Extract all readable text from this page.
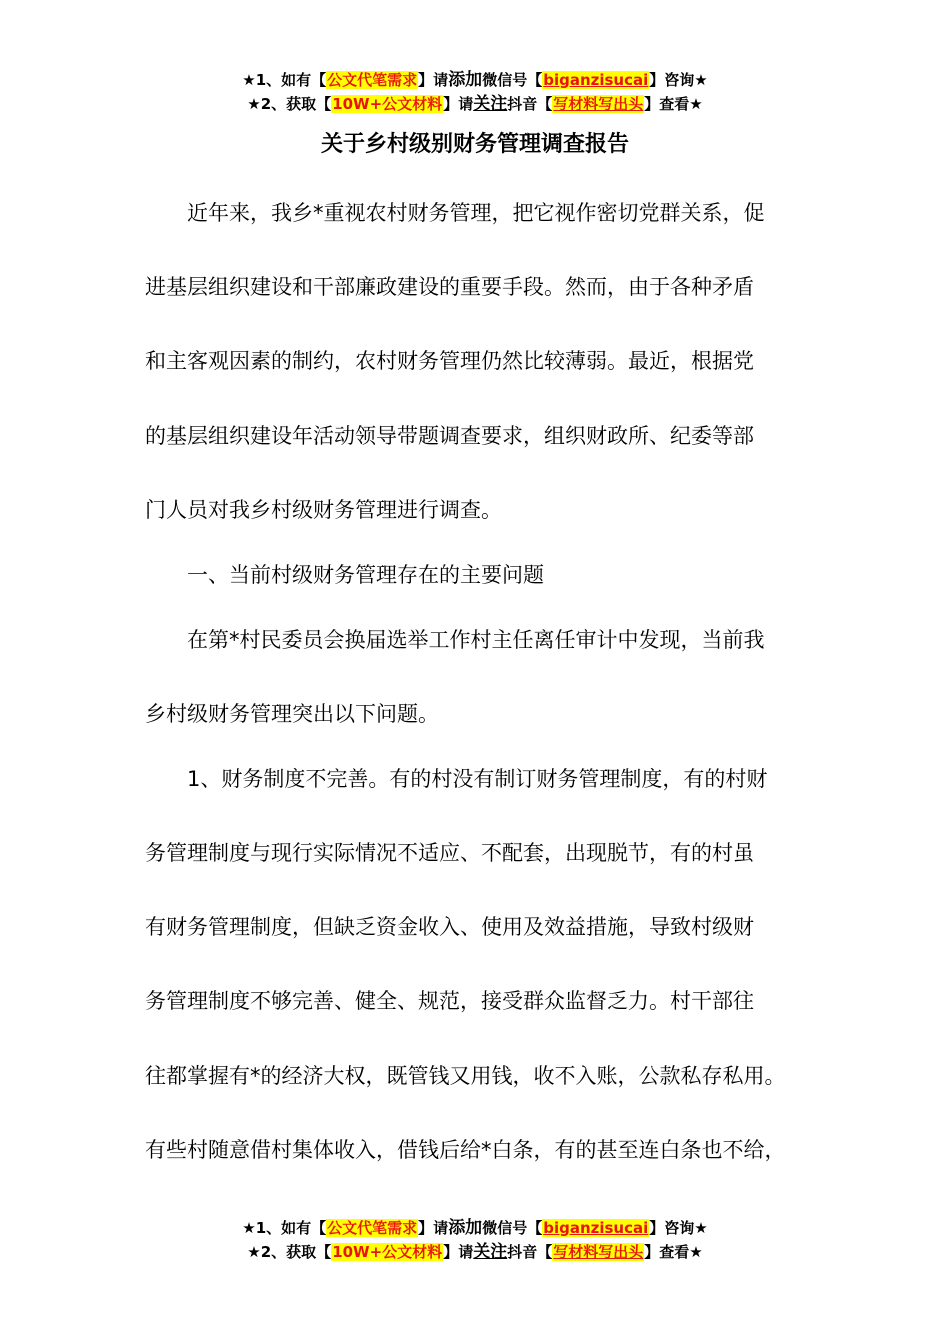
★1、如有【公文代笔需求】请添加微信号【biganzisucai】咨询★
★2、获取【10W+公文材料】请关注抖音【写材料写出头】查看★
关于乡村级别财务管理调查报告
　　近年来，我乡*重视农村财务管理，把它视作密切党群关系，促
进基层组织建设和干部廉政建设的重要手段。然而，由于各种矛盾
和主客观因素的制约，农村财务管理仍然比较薄弱。最近，根据党
的基层组织建设年活动领导带题调查要求，组织财政所、纪委等部
门人员对我乡村级财务管理进行调查。
　　一、当前村级财务管理存在的主要问题
　　在第*村民委员会换届选举工作村主任离任审计中发现，当前我
乡村级财务管理突出以下问题。
　　1、财务制度不完善。有的村没有制订财务管理制度，有的村财
务管理制度与现行实际情况不适应、不配套，出现脱节，有的村虽
有财务管理制度，但缺乏资金收入、使用及效益措施，导致村级财
务管理制度不够完善、健全、规范，接受群众监督乏力。村干部往
往都掌握有*的经济大权，既管钱又用钱，收不入账，公款私存私用。
有些村随意借村集体收入，借钱后给*白条，有的甚至连白条也不给，
★1、如有【公文代笔需求】请添加微信号【biganzisucai】咨询★
★2、获取【10W+公文材料】请关注抖音【写材料写出头】查看★
